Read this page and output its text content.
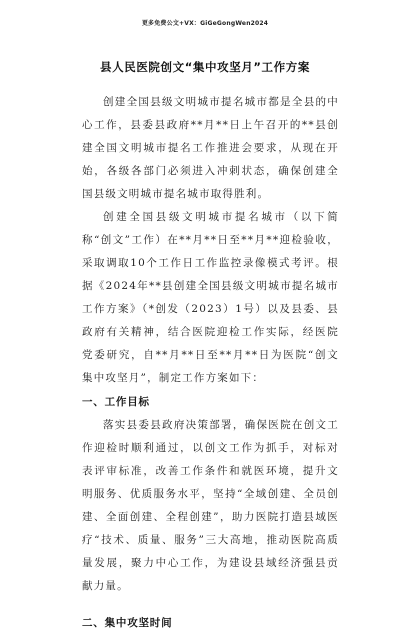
更多免费公文+VX：GiGeGongWen2024
县人民医院创文“集中攻坚月”工作方案

创建全国县级文明城市提名城市都是全县的中心工作，县委县政府**月**日上午召开的**县创建全国文明城市提名工作推进会要求，从现在开始，各级各部门必须进入冲刺状态，确保创建全国县级文明城市提名城市取得胜利。

创建全国县级文明城市提名城市（以下简称“创文”工作）在**月**日至**月**迎检验收，采取调取10个工作日工作监控录像模式考评。根据《2024年**县创建全国县级文明城市提名城市工作方案》（*创发（2023）1号）以及县委、县政府有关精神，结合医院迎检工作实际，经医院党委研究，自**月**日至**月**日为医院“创文集中攻坚月”，制定工作方案如下：

一、工作目标

落实县委县政府决策部署，确保医院在创文工作迎检时顺利通过，以创文工作为抓手，对标对表评审标准，改善工作条件和就医环境，提升文明服务、优质服务水平，坚持“全域创建、全员创建、全面创建、全程创建”，助力医院打造县域医疗“技术、质量、服务”三大高地，推动医院高质量发展，聚力中心工作，为建设县域经济强县贡献力量。

二、集中攻坚时间
